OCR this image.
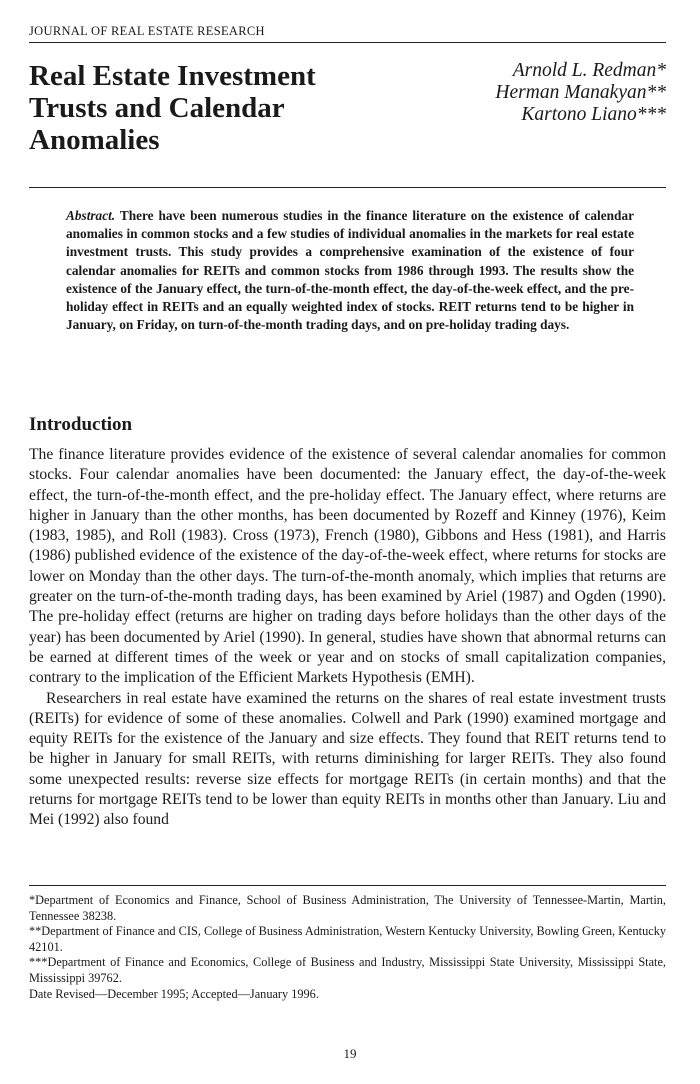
JOURNAL OF REAL ESTATE RESEARCH
Real Estate Investment
Trusts and Calendar
Anomalies
Arnold L. Redman*
Herman Manakyan**
Kartono Liano***
Abstract. There have been numerous studies in the finance literature on the existence of calendar anomalies in common stocks and a few studies of individual anomalies in the markets for real estate investment trusts. This study provides a comprehensive examination of the existence of four calendar anomalies for REITs and common stocks from 1986 through 1993. The results show the existence of the January effect, the turn-of-the-month effect, the day-of-the-week effect, and the pre-holiday effect in REITs and an equally weighted index of stocks. REIT returns tend to be higher in January, on Friday, on turn-of-the-month trading days, and on pre-holiday trading days.
Introduction

The finance literature provides evidence of the existence of several calendar anomalies for common stocks. Four calendar anomalies have been documented: the January effect, the day-of-the-week effect, the turn-of-the-month effect, and the pre-holiday effect. The January effect, where returns are higher in January than the other months, has been documented by Rozeff and Kinney (1976), Keim (1983, 1985), and Roll (1983). Cross (1973), French (1980), Gibbons and Hess (1981), and Harris (1986) published evidence of the existence of the day-of-the-week effect, where returns for stocks are lower on Monday than the other days. The turn-of-the-month anomaly, which implies that returns are greater on the turn-of-the-month trading days, has been examined by Ariel (1987) and Ogden (1990). The pre-holiday effect (returns are higher on trading days before holidays than the other days of the year) has been documented by Ariel (1990). In general, studies have shown that abnormal returns can be earned at different times of the week or year and on stocks of small capitalization companies, contrary to the implication of the Efficient Markets Hypothesis (EMH).

Researchers in real estate have examined the returns on the shares of real estate investment trusts (REITs) for evidence of some of these anomalies. Colwell and Park (1990) examined mortgage and equity REITs for the existence of the January and size effects. They found that REIT returns tend to be higher in January for small REITs, with returns diminishing for larger REITs. They also found some unexpected results: reverse size effects for mortgage REITs (in certain months) and that the returns for mortgage REITs tend to be lower than equity REITs in months other than January. Liu and Mei (1992) also found

*Department of Economics and Finance, School of Business Administration, The University of Tennessee-Martin, Martin, Tennessee 38238.
**Department of Finance and CIS, College of Business Administration, Western Kentucky University, Bowling Green, Kentucky 42101.
***Department of Finance and Economics, College of Business and Industry, Mississippi State University, Mississippi State, Mississippi 39762.
Date Revised—December 1995; Accepted—January 1996.
19
